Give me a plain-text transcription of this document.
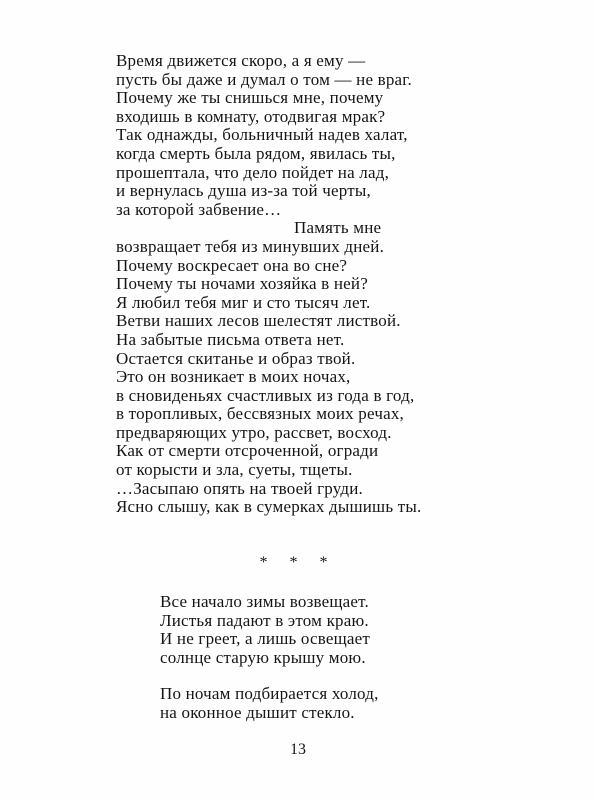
Время движется скоро, а я ему —
пусть бы даже и думал о том — не враг.
Почему же ты снишься мне, почему
входишь в комнату, отодвигая мрак?
Так однажды, больничный надев халат,
когда смерть была рядом, явилась ты,
прошептала, что дело пойдет на лад,
и вернулась душа из-за той черты,
за которой забвение…
Память мне
возвращает тебя из минувших дней.
Почему воскресает она во сне?
Почему ты ночами хозяйка в ней?
Я любил тебя миг и сто тысяч лет.
Ветви наших лесов шелестят листвой.
На забытые письма ответа нет.
Остается скитанье и образ твой.
Это он возникает в моих ночах,
в сновиденьях счастливых из года в год,
в торопливых, бессвязных моих речах,
предваряющих утро, рассвет, восход.
Как от смерти отсроченной, огради
от корысти и зла, суеты, тщеты.
…Засыпаю опять на твоей груди.
Ясно слышу, как в сумерках дышишь ты.
* * *
Все начало зимы возвещает.
Листья падают в этом краю.
И не греет, а лишь освещает
солнце старую крышу мою.
По ночам подбирается холод,
на оконное дышит стекло.
13
